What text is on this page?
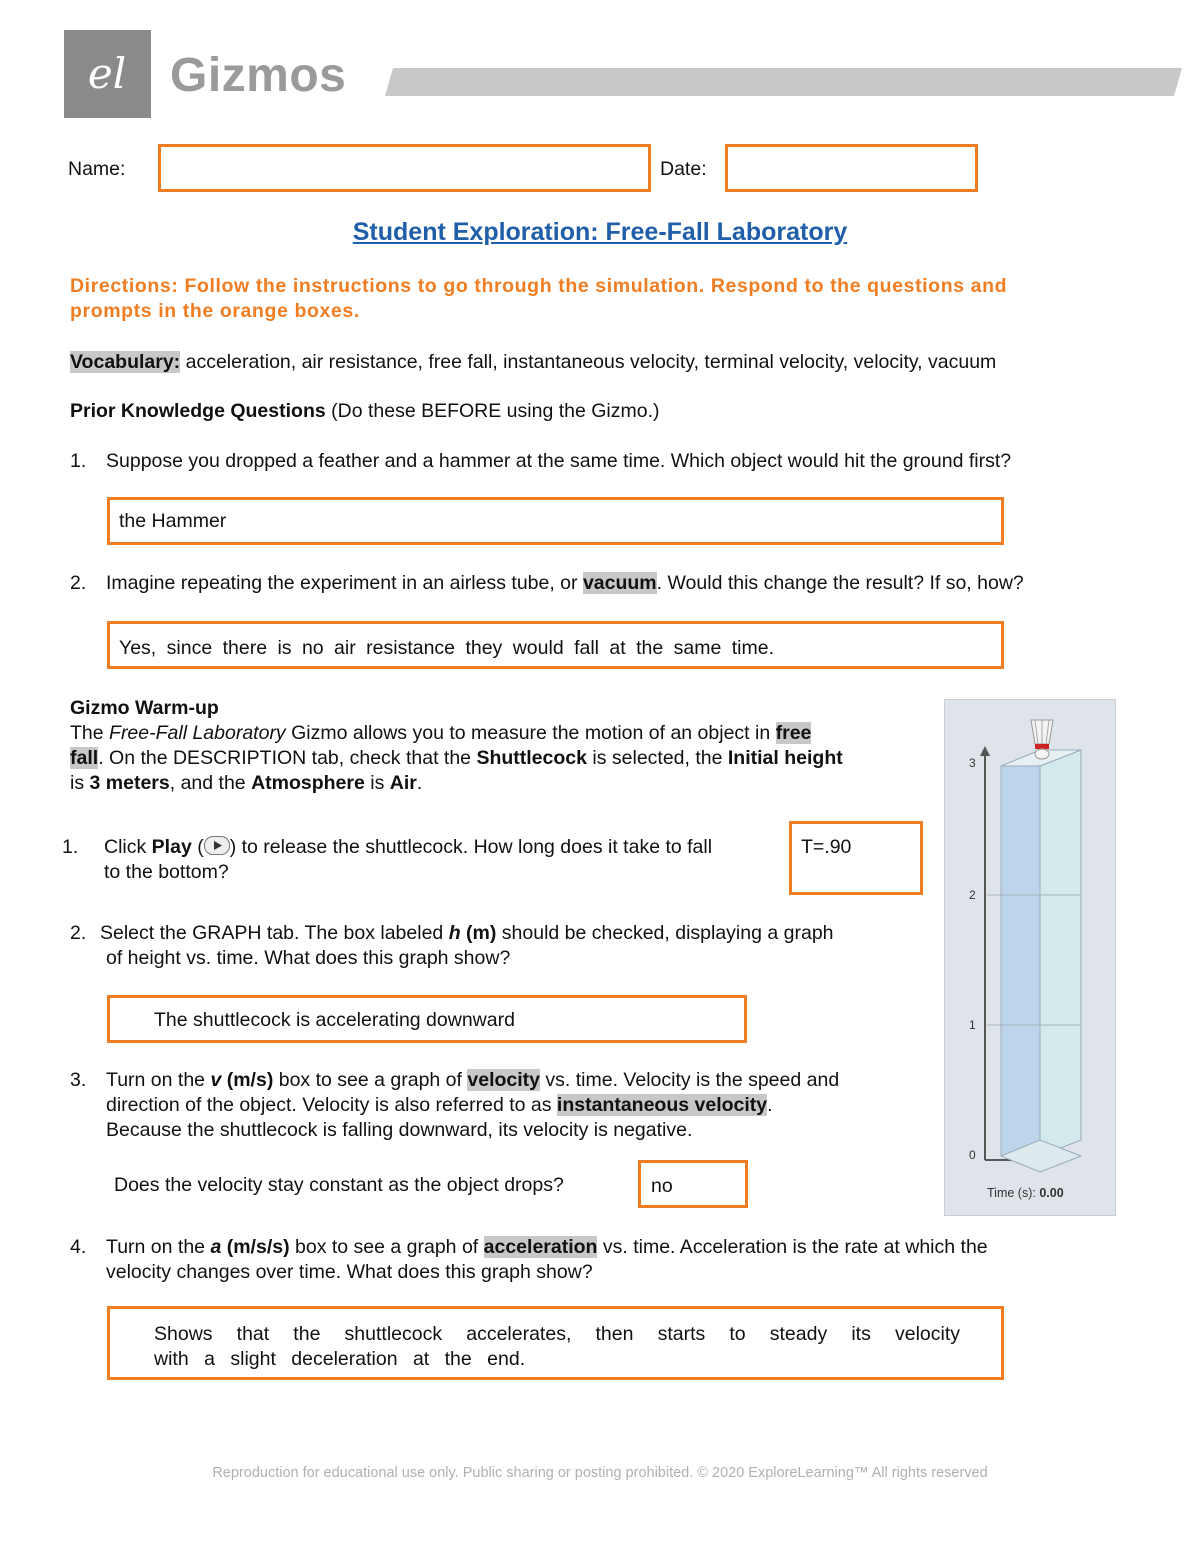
el Gizmos
Name:	Date:
Student Exploration: Free-Fall Laboratory
Directions: Follow the instructions to go through the simulation. Respond to the questions and prompts in the orange boxes.
Vocabulary: acceleration, air resistance, free fall, instantaneous velocity, terminal velocity, velocity, vacuum
Prior Knowledge Questions (Do these BEFORE using the Gizmo.)
1.	Suppose you dropped a feather and a hammer at the same time. Which object would hit the ground first?
the Hammer
2.	Imagine repeating the experiment in an airless tube, or vacuum. Would this change the result? If so, how?
Yes, since there is no air resistance they would fall at the same time.
Gizmo Warm-up
The Free-Fall Laboratory Gizmo allows you to measure the motion of an object in free
fall. On the DESCRIPTION tab, check that the Shuttlecock is selected, the Initial height
is 3 meters, and the Atmosphere is Air.
1.	Click Play ( ) to release the shuttlecock. How long does it take to fall
to the bottom?
T=.90
2. Select the GRAPH tab. The box labeled h (m) should be checked, displaying a graph
of height vs. time. What does this graph show?
The shuttlecock is accelerating downward
3.	Turn on the v (m/s) box to see a graph of velocity vs. time. Velocity is the speed and
direction of the object. Velocity is also referred to as instantaneous velocity.
Because the shuttlecock is falling downward, its velocity is negative.
Does the velocity stay constant as the object drops?	no
4.	Turn on the a (m/s/s) box to see a graph of acceleration vs. time. Acceleration is the rate at which the
velocity changes over time. What does this graph show?
Shows that the shuttlecock accelerates, then starts to steady its velocity
with a slight deceleration at the end.
3
2
1
0
Time (s): 0.00
Reproduction for educational use only. Public sharing or posting prohibited. © 2020 ExploreLearning™ All rights reserved
